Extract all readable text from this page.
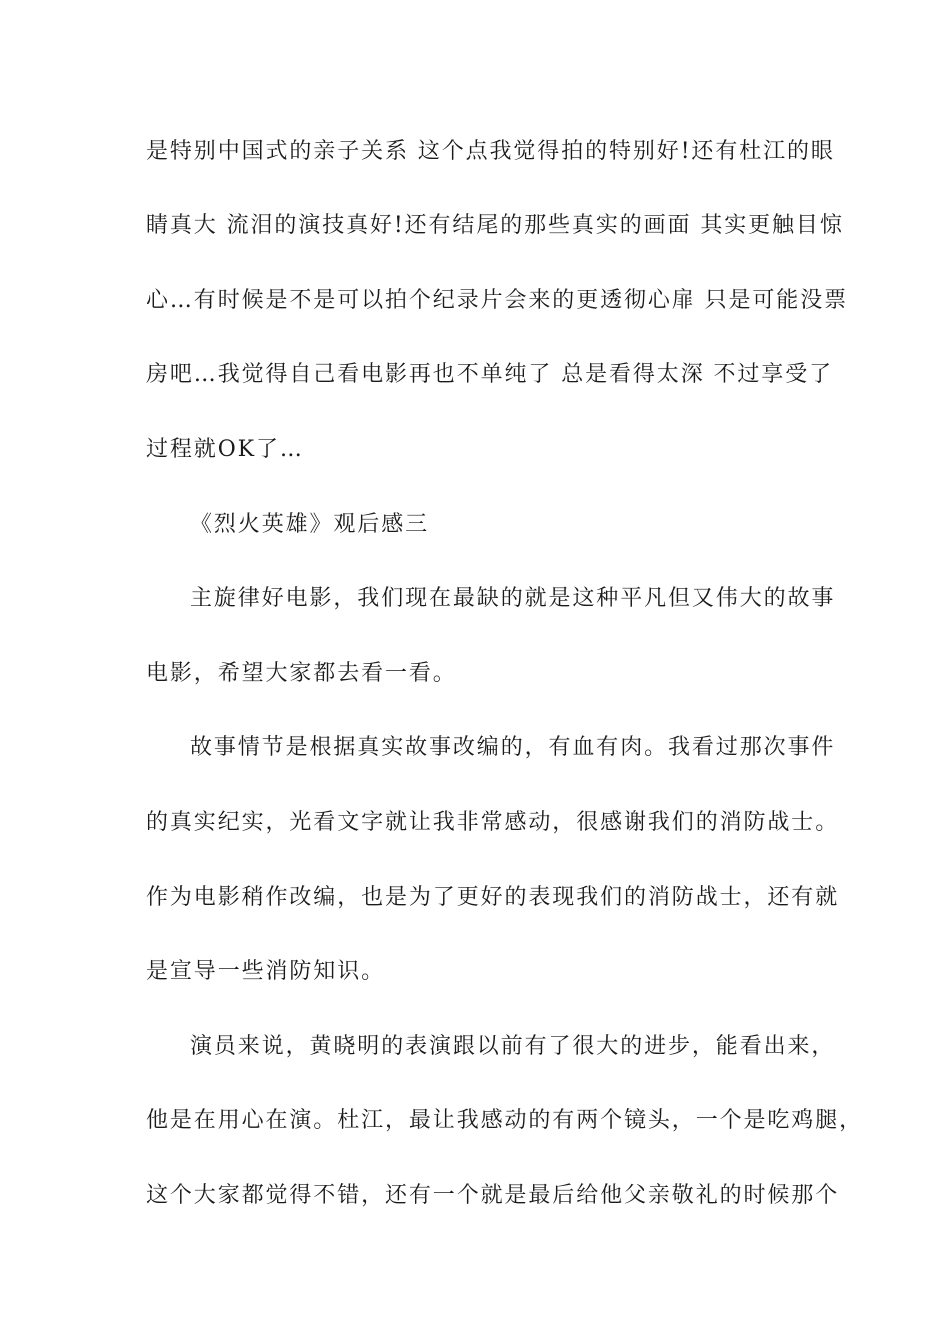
是特别中国式的亲子关系 这个点我觉得拍的特别好!还有杜江的眼

睛真大 流泪的演技真好!还有结尾的那些真实的画面 其实更触目惊

心…有时候是不是可以拍个纪录片会来的更透彻心扉 只是可能没票

房吧…我觉得自己看电影再也不单纯了 总是看得太深 不过享受了

过程就OK了…

《烈火英雄》观后感三

主旋律好电影，我们现在最缺的就是这种平凡但又伟大的故事

电影，希望大家都去看一看。

故事情节是根据真实故事改编的，有血有肉。我看过那次事件

的真实纪实，光看文字就让我非常感动，很感谢我们的消防战士。

作为电影稍作改编，也是为了更好的表现我们的消防战士，还有就

是宣导一些消防知识。

演员来说，黄晓明的表演跟以前有了很大的进步，能看出来，

他是在用心在演。杜江，最让我感动的有两个镜头，一个是吃鸡腿，

这个大家都觉得不错，还有一个就是最后给他父亲敬礼的时候那个
